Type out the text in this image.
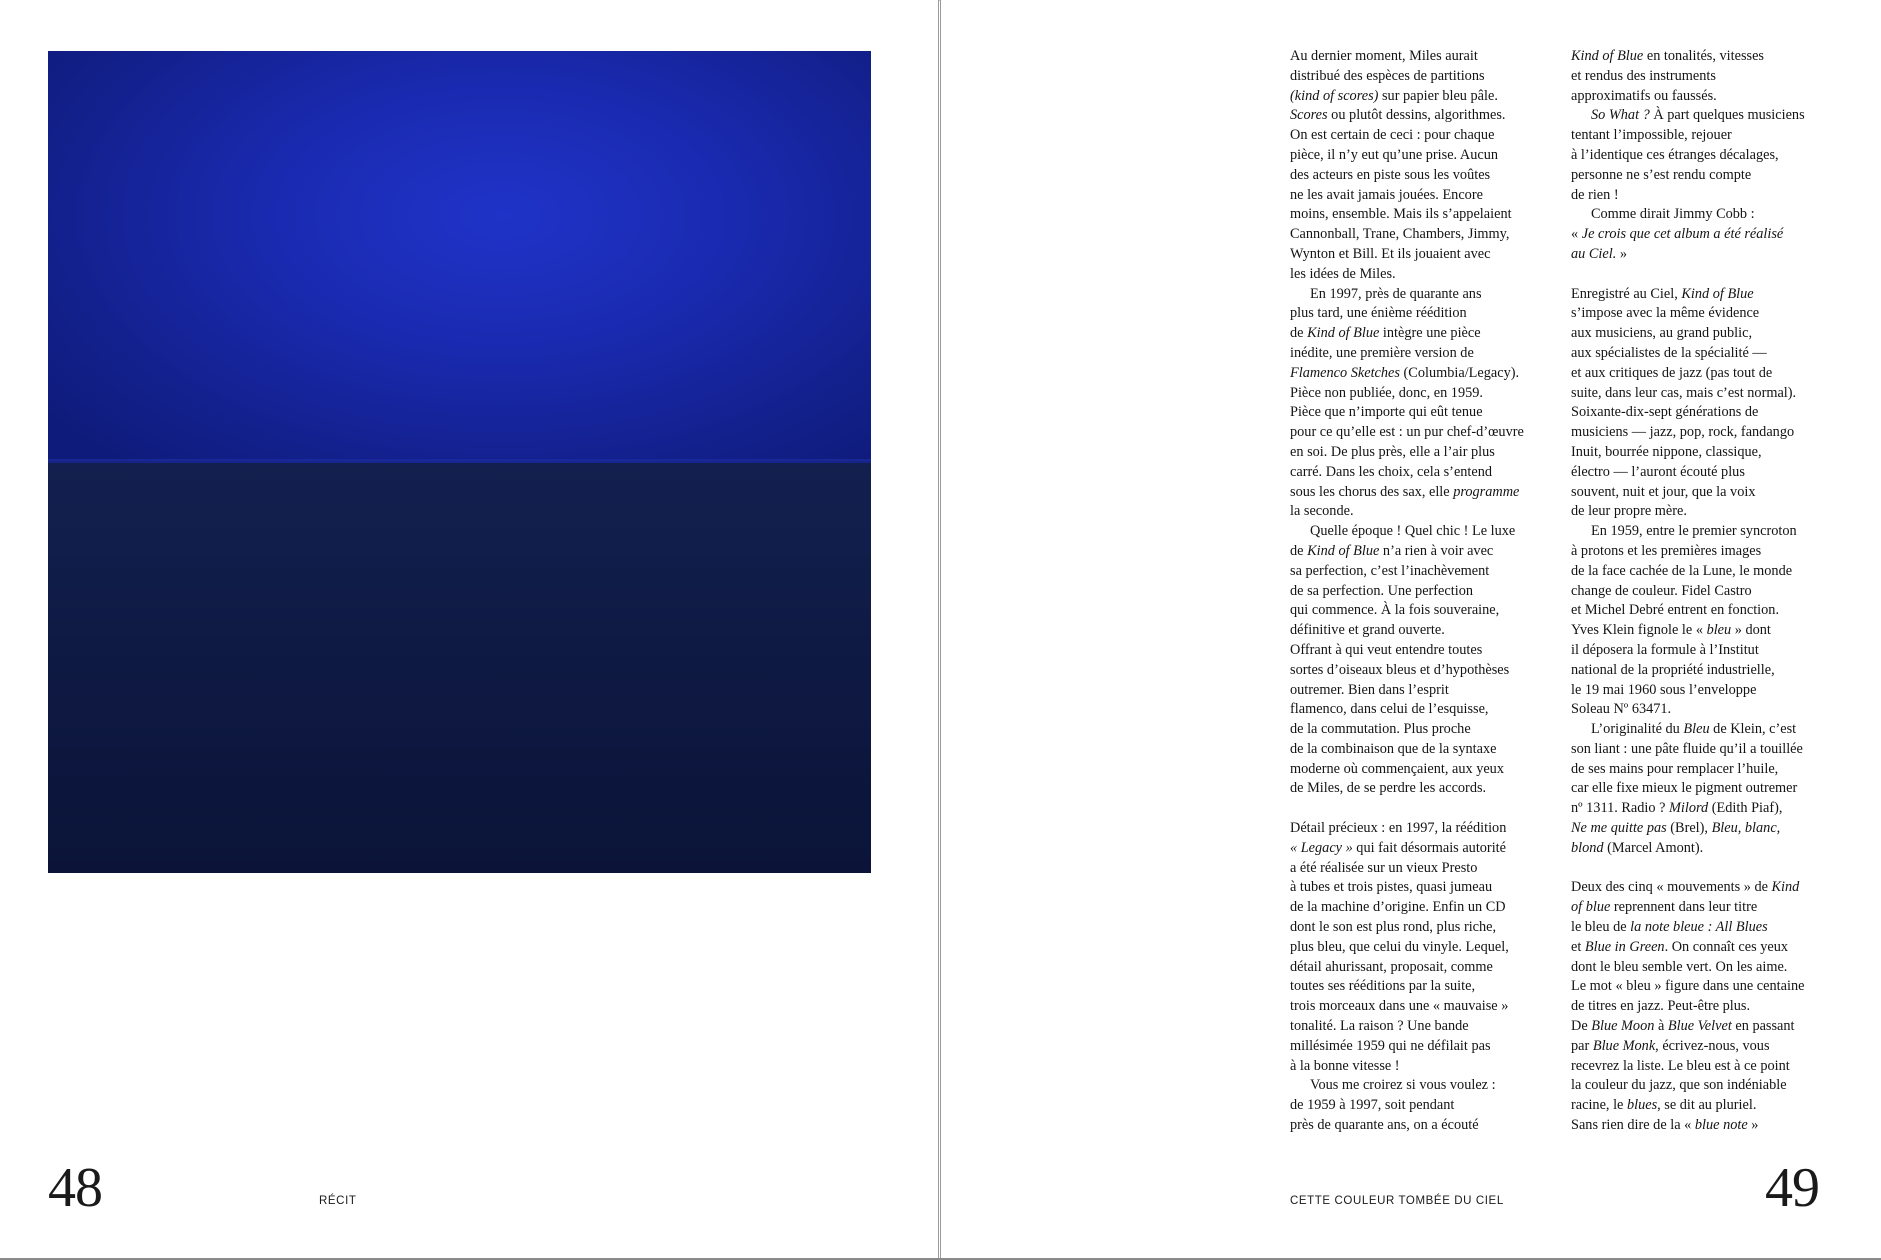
48	RÉCIT
Au dernier moment, Miles aurait
distribué des espèces de partitions
(kind of scores) sur papier bleu pâle.
Scores ou plutôt dessins, algorithmes.
On est certain de ceci : pour chaque
pièce, il n’y eut qu’une prise. Aucun
des acteurs en piste sous les voûtes
ne les avait jamais jouées. Encore
moins, ensemble. Mais ils s’appelaient
Cannonball, Trane, Chambers, Jimmy,
Wynton et Bill. Et ils jouaient avec
les idées de Miles.
En 1997, près de quarante ans
plus tard, une énième réédition
de Kind of Blue intègre une pièce
inédite, une première version de
Flamenco Sketches (Columbia/Legacy).
Pièce non publiée, donc, en 1959.
Pièce que n’importe qui eût tenue
pour ce qu’elle est : un pur chef-d’œuvre
en soi. De plus près, elle a l’air plus
carré. Dans les choix, cela s’entend
sous les chorus des sax, elle programme
la seconde.
Quelle époque ! Quel chic ! Le luxe
de Kind of Blue n’a rien à voir avec
sa perfection, c’est l’inachèvement
de sa perfection. Une perfection
qui commence. À la fois souveraine,
définitive et grand ouverte.
Offrant à qui veut entendre toutes
sortes d’oiseaux bleus et d’hypothèses
outremer. Bien dans l’esprit
flamenco, dans celui de l’esquisse,
de la commutation. Plus proche
de la combinaison que de la syntaxe
moderne où commençaient, aux yeux
de Miles, de se perdre les accords.
Détail précieux : en 1997, la réédition
« Legacy » qui fait désormais autorité
a été réalisée sur un vieux Presto
à tubes et trois pistes, quasi jumeau
de la machine d’origine. Enfin un CD
dont le son est plus rond, plus riche,
plus bleu, que celui du vinyle. Lequel,
détail ahurissant, proposait, comme
toutes ses rééditions par la suite,
trois morceaux dans une « mauvaise »
tonalité. La raison ? Une bande
millésimée 1959 qui ne défilait pas
à la bonne vitesse !
Vous me croirez si vous voulez :
de 1959 à 1997, soit pendant
près de quarante ans, on a écouté
Kind of Blue en tonalités, vitesses
et rendus des instruments
approximatifs ou faussés.
So What ? À part quelques musiciens
tentant l’impossible, rejouer
à l’identique ces étranges décalages,
personne ne s’est rendu compte
de rien !
Comme dirait Jimmy Cobb :
« Je crois que cet album a été réalisé
au Ciel. »
Enregistré au Ciel, Kind of Blue
s’impose avec la même évidence
aux musiciens, au grand public,
aux spécialistes de la spécialité —
et aux critiques de jazz (pas tout de
suite, dans leur cas, mais c’est normal).
Soixante-dix-sept générations de
musiciens — jazz, pop, rock, fandango
Inuit, bourrée nippone, classique,
électro — l’auront écouté plus
souvent, nuit et jour, que la voix
de leur propre mère.
En 1959, entre le premier syncroton
à protons et les premières images
de la face cachée de la Lune, le monde
change de couleur. Fidel Castro
et Michel Debré entrent en fonction.
Yves Klein fignole le « bleu » dont
il déposera la formule à l’Institut
national de la propriété industrielle,
le 19 mai 1960 sous l’enveloppe
Soleau Nº 63471.
L’originalité du Bleu de Klein, c’est
son liant : une pâte fluide qu’il a touillée
de ses mains pour remplacer l’huile,
car elle fixe mieux le pigment outremer
nº 1311. Radio ? Milord (Edith Piaf),
Ne me quitte pas (Brel), Bleu, blanc,
blond (Marcel Amont).
Deux des cinq « mouvements » de Kind
of blue reprennent dans leur titre
le bleu de la note bleue : All Blues
et Blue in Green. On connaît ces yeux
dont le bleu semble vert. On les aime.
Le mot « bleu » figure dans une centaine
de titres en jazz. Peut-être plus.
De Blue Moon à Blue Velvet en passant
par Blue Monk, écrivez-nous, vous
recevrez la liste. Le bleu est à ce point
la couleur du jazz, que son indéniable
racine, le blues, se dit au pluriel.
Sans rien dire de la « blue note »
49
CETTE COULEUR TOMBÉE DU CIEL
